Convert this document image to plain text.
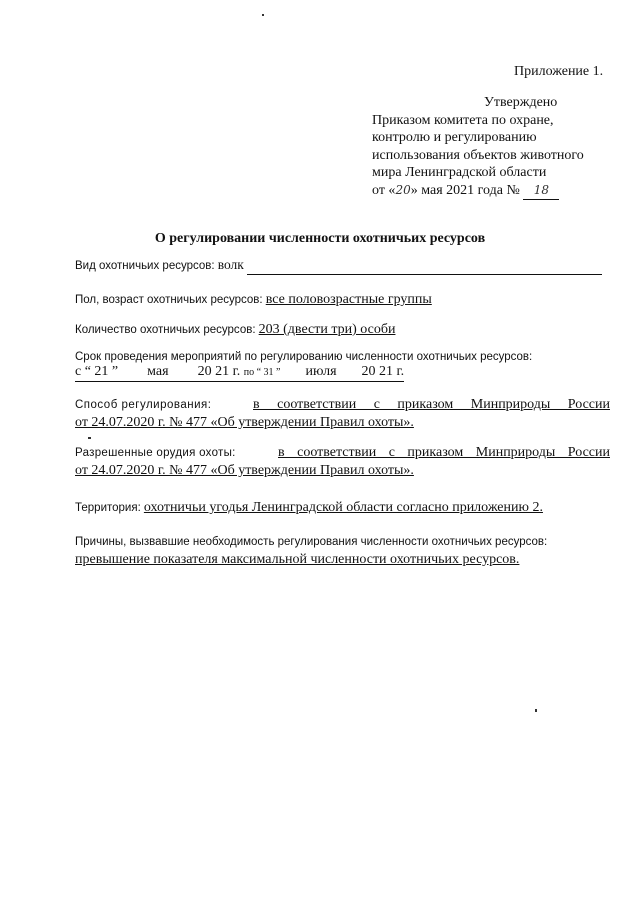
Приложение 1.
Утверждено
Приказом комитета по охране,
контролю и регулированию
использования объектов животного
мира Ленинградской области
от «20» мая 2021 года № 18
О регулировании численности охотничьих ресурсов
Вид охотничьих ресурсов: волк
Пол, возраст охотничьих ресурсов: все половозрастные группы
Количество охотничьих ресурсов: 203 (двести три) особи
Срок проведения мероприятий по регулированию численности охотничьих ресурсов:
с “ 21 ” мая 20 21 г. по “ 31 ” июля 20 21 г.
Способ регулирования:	в соответствии с приказом Минприроды России
от 24.07.2020 г. № 477 «Об утверждении Правил охоты».
Разрешенные орудия охоты:	в соответствии с приказом Минприроды России
от 24.07.2020 г. № 477 «Об утверждении Правил охоты».
Территория: охотничьи угодья Ленинградской области согласно приложению 2.
Причины, вызвавшие необходимость регулирования численности охотничьих ресурсов:
превышение показателя максимальной численности охотничьих ресурсов.
